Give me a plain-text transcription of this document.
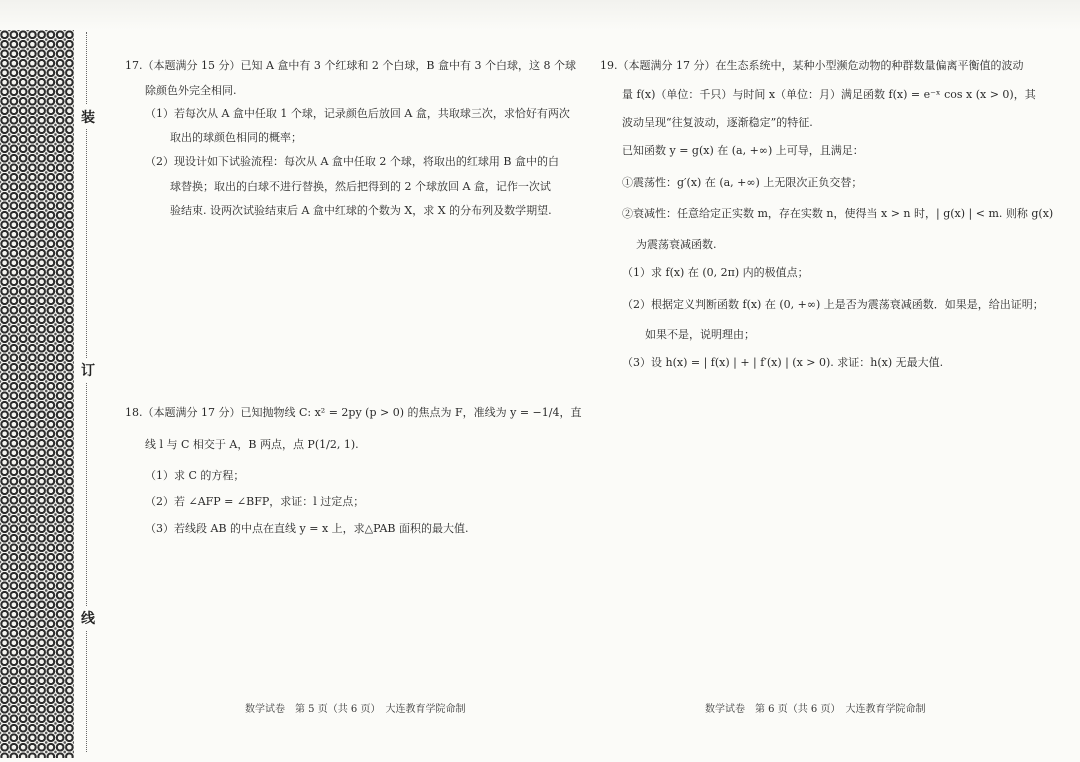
装
订
线
17.（本题满分 15 分）已知 A 盒中有 3 个红球和 2 个白球，B 盒中有 3 个白球，这 8 个球
除颜色外完全相同.
（1）若每次从 A 盒中任取 1 个球，记录颜色后放回 A 盒，共取球三次，求恰好有两次
取出的球颜色相同的概率；
（2）现设计如下试验流程：每次从 A 盒中任取 2 个球，将取出的红球用 B 盒中的白
球替换；取出的白球不进行替换，然后把得到的 2 个球放回 A 盒，记作一次试
验结束. 设两次试验结束后 A 盒中红球的个数为 X，求 X 的分布列及数学期望.
18.（本题满分 17 分）已知抛物线 C: x² = 2py (p > 0) 的焦点为 F，准线为 y = −1/4，直
线 l 与 C 相交于 A，B 两点，点 P(1/2, 1).
（1）求 C 的方程；
（2）若 ∠AFP = ∠BFP，求证：l 过定点；
（3）若线段 AB 的中点在直线 y = x 上，求△PAB 面积的最大值.
数学试卷　第 5 页（共 6 页）　大连教育学院命制
19.（本题满分 17 分）在生态系统中，某种小型濒危动物的种群数量偏离平衡值的波动
量 f(x)（单位：千只）与时间 x（单位：月）满足函数 f(x) = e⁻ˣ cos x (x > 0)，其
波动呈现“往复波动，逐渐稳定”的特征.
已知函数 y = g(x) 在 (a, +∞) 上可导，且满足：
①震荡性：g′(x) 在 (a, +∞) 上无限次正负交替；
②衰减性：任意给定正实数 m，存在实数 n，使得当 x > n 时，| g(x) | < m. 则称 g(x)
为震荡衰减函数.
（1）求 f(x) 在 (0, 2π) 内的极值点；
（2）根据定义判断函数 f(x) 在 (0, +∞) 上是否为震荡衰减函数．如果是，给出证明；
如果不是，说明理由；
（3）设 h(x) = | f(x) | + | f′(x) | (x > 0). 求证：h(x) 无最大值.
数学试卷　第 6 页（共 6 页）　大连教育学院命制
